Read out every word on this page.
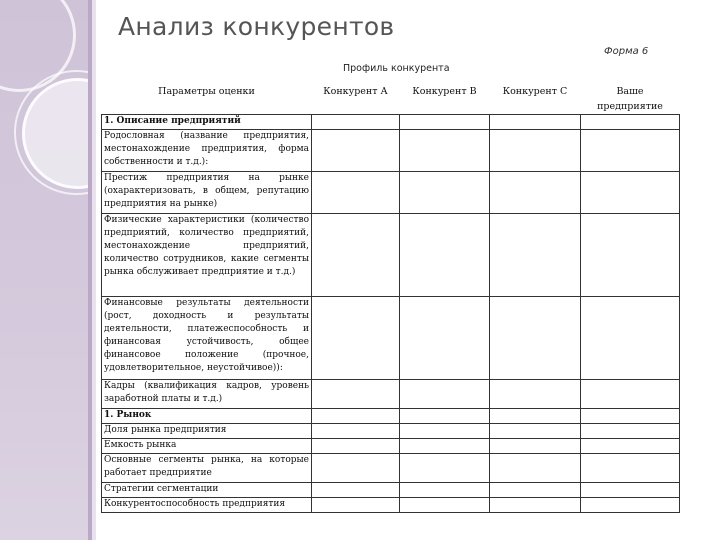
Анализ конкурентов
Форма 6
Профиль конкурента
Параметры оценки	Конкурент А	Конкурент В	Конкурент С	Ваше предприятие
1. Описание предприятий				
Родословная (название предприятия, местонахождение предприятия, форма собственности и т.д.):				
Престиж предприятия на рынке (охарактеризовать, в общем, репутацию предприятия на рынке)				
Физические характеристики (количество предприятий, количество предприятий, местонахождение предприятий, количество сотрудников, какие сегменты рынка обслуживает предприятие и т.д.)				
Финансовые результаты деятельности (рост, доходность и результаты деятельности, платежеспособность и финансовая устойчивость, общее финансовое положение (прочное, удовлетворительное, неустойчивое)):				
Кадры (квалификация кадров, уровень заработной платы и т.д.)				
1. Рынок				
Доля рынка предприятия				
Емкость рынка				
Основные сегменты рынка, на которые работает предприятие				
Стратегии сегментации				
Конкурентоспособность предприятия				
